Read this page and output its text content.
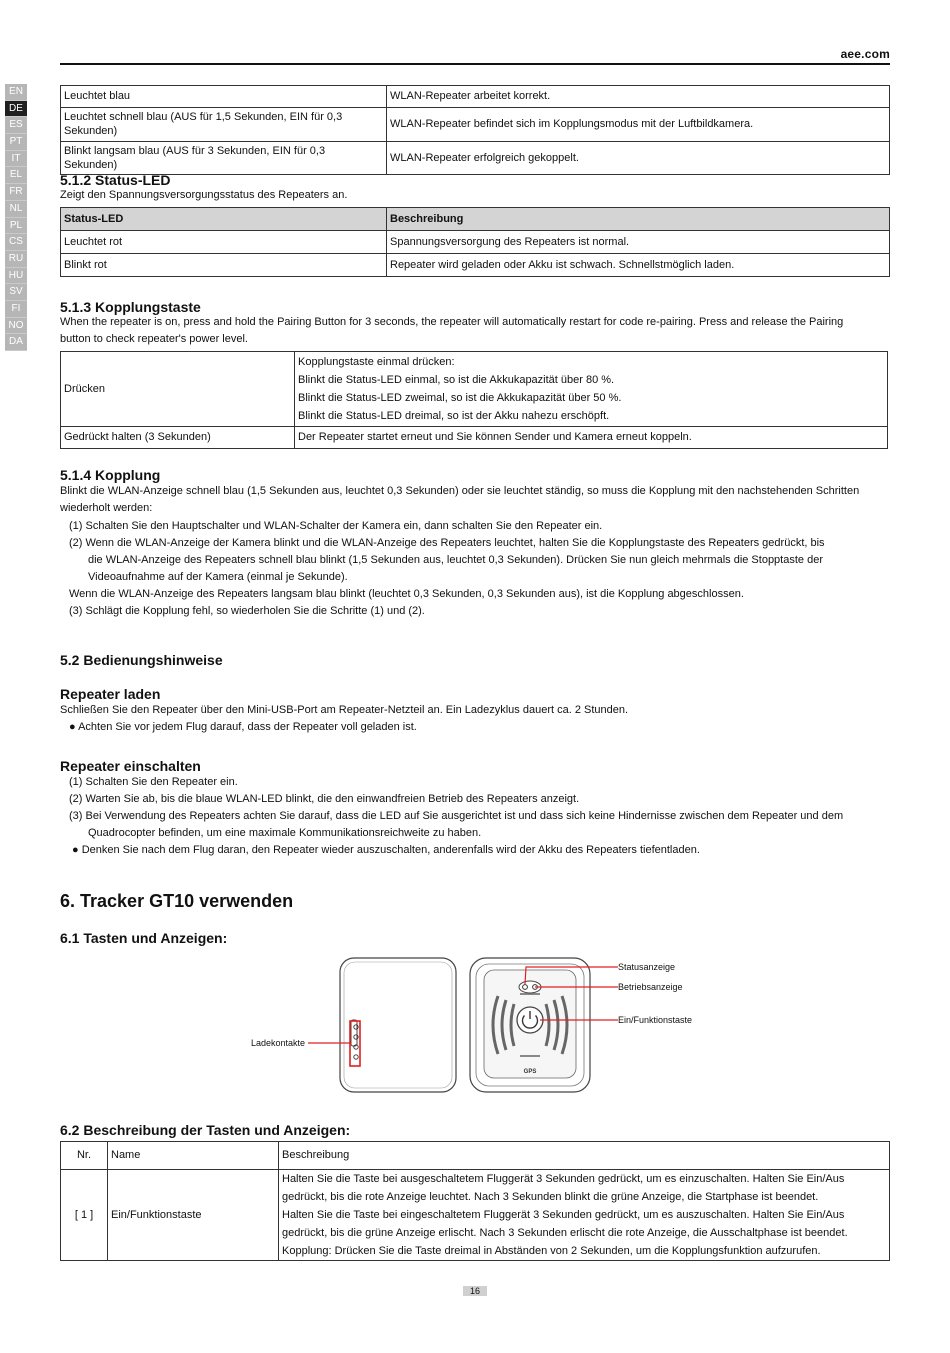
aee.com
EN
DE
ES
PT
IT
EL
FR
NL
PL
CS
RU
HU
SV
FI
NO
DA
Leuchtet blau	WLAN-Repeater arbeitet korrekt.
Leuchtet schnell blau (AUS für 1,5 Sekunden, EIN für 0,3
Sekunden)	WLAN-Repeater befindet sich im Kopplungsmodus mit der Luftbildkamera.
Blinkt langsam blau (AUS für 3 Sekunden, EIN für 0,3
Sekunden)	WLAN-Repeater erfolgreich gekoppelt.
5.1.2 Status-LED
Zeigt den Spannungsversorgungsstatus des Repeaters an.
Status-LED	Beschreibung
Leuchtet rot	Spannungsversorgung des Repeaters ist normal.
Blinkt rot	Repeater wird geladen oder Akku ist schwach. Schnellstmöglich laden.
5.1.3 Kopplungstaste
When the repeater is on, press and hold the Pairing Button for 3 seconds, the repeater will automatically restart for code re-pairing. Press and release the Pairing
button to check repeater's power level.
Drücken	Kopplungstaste einmal drücken:
Blinkt die Status-LED einmal, so ist die Akkukapazität über 80 %.
Blinkt die Status-LED zweimal, so ist die Akkukapazität über 50 %.
Blinkt die Status-LED dreimal, so ist der Akku nahezu erschöpft.

Gedrückt halten (3 Sekunden)	Der Repeater startet erneut und Sie können Sender und Kamera erneut koppeln.
5.1.4 Kopplung
Blinkt die WLAN-Anzeige schnell blau (1,5 Sekunden aus, leuchtet 0,3 Sekunden) oder sie leuchtet ständig, so muss die Kopplung mit den nachstehenden Schritten
wiederholt werden:
(1) Schalten Sie den Hauptschalter und WLAN-Schalter der Kamera ein, dann schalten Sie den Repeater ein.
(2) Wenn die WLAN-Anzeige der Kamera blinkt und die WLAN-Anzeige des Repeaters leuchtet, halten Sie die Kopplungstaste des Repeaters gedrückt, bis
die WLAN-Anzeige des Repeaters schnell blau blinkt (1,5 Sekunden aus, leuchtet 0,3 Sekunden). Drücken Sie nun gleich mehrmals die Stopptaste der
Videoaufnahme auf der Kamera (einmal je Sekunde).
Wenn die WLAN-Anzeige des Repeaters langsam blau blinkt (leuchtet 0,3 Sekunden, 0,3 Sekunden aus), ist die Kopplung abgeschlossen.
(3) Schlägt die Kopplung fehl, so wiederholen Sie die Schritte (1) und (2).
5.2 Bedienungshinweise
Repeater laden
Schließen Sie den Repeater über den Mini-USB-Port am Repeater-Netzteil an. Ein Ladezyklus dauert ca. 2 Stunden.
● Achten Sie vor jedem Flug darauf, dass der Repeater voll geladen ist.
Repeater einschalten
(1) Schalten Sie den Repeater ein.
(2) Warten Sie ab, bis die blaue WLAN-LED blinkt, die den einwandfreien Betrieb des Repeaters anzeigt.
(3) Bei Verwendung des Repeaters achten Sie darauf, dass die LED auf Sie ausgerichtet ist und dass sich keine Hindernisse zwischen dem Repeater und dem
Quadrocopter befinden, um eine maximale Kommunikationsreichweite zu haben.
● Denken Sie nach dem Flug daran, den Repeater wieder auszuschalten, anderenfalls wird der Akku des Repeaters tiefentladen.
6. Tracker GT10 verwenden
6.1 Tasten und Anzeigen:
Ladekontakte
GPS
Statusanzeige
Betriebsanzeige
Ein/Funktionstaste
6.2 Beschreibung der Tasten und Anzeigen:
Nr.	Name	Beschreibung
[ 1 ]	Ein/Funktionstaste	Halten Sie die Taste bei ausgeschaltetem Fluggerät 3 Sekunden gedrückt, um es einzuschalten. Halten Sie Ein/Aus
gedrückt, bis die rote Anzeige leuchtet. Nach 3 Sekunden blinkt die grüne Anzeige, die Startphase ist beendet.
Halten Sie die Taste bei eingeschaltetem Fluggerät 3 Sekunden gedrückt, um es auszuschalten. Halten Sie Ein/Aus
gedrückt, bis die grüne Anzeige erlischt. Nach 3 Sekunden erlischt die rote Anzeige, die Ausschaltphase ist beendet.
Kopplung: Drücken Sie die Taste dreimal in Abständen von 2 Sekunden, um die Kopplungsfunktion aufzurufen.
16
